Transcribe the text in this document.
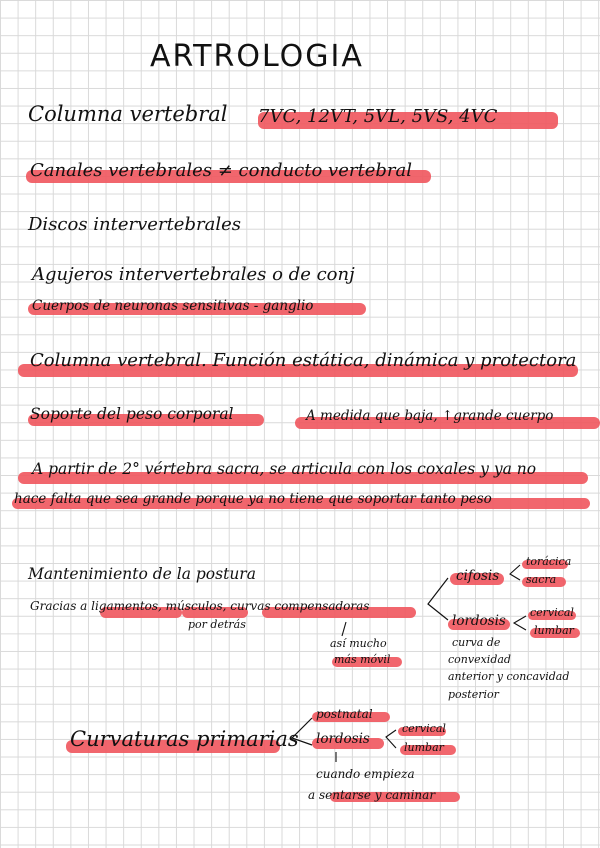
ARTROLOGIA
Columna vertebral 7VC, 12VT, 5VL, 5VS, 4VC
Canales vertebrales ≠ conducto vertebral
Discos intervertebrales
Agujeros intervertebrales o de conj
Cuerpos de neuronas sensitivas - ganglio
Columna vertebral. Función estática, dinámica y protectora
Soporte del peso corporal	A medida que baja, ↑grande cuerpo
A partir de 2° vértebra sacra, se articula con los coxales y ya no
hace falta que sea grande porque ya no tiene que soportar tanto peso
Mantenimiento de la postura
Gracias a ligamentos, músculos, curvas compensadoras
por detrás
cifosis
torácica
sacra
lordosis
cervical
lumbar
así mucho
más móvil
curva de
convexidad
anterior y concavidad
posterior
Curvaturas primarias
postnatal
lordosis
cervical
lumbar
cuando empieza
a sentarse y caminar
